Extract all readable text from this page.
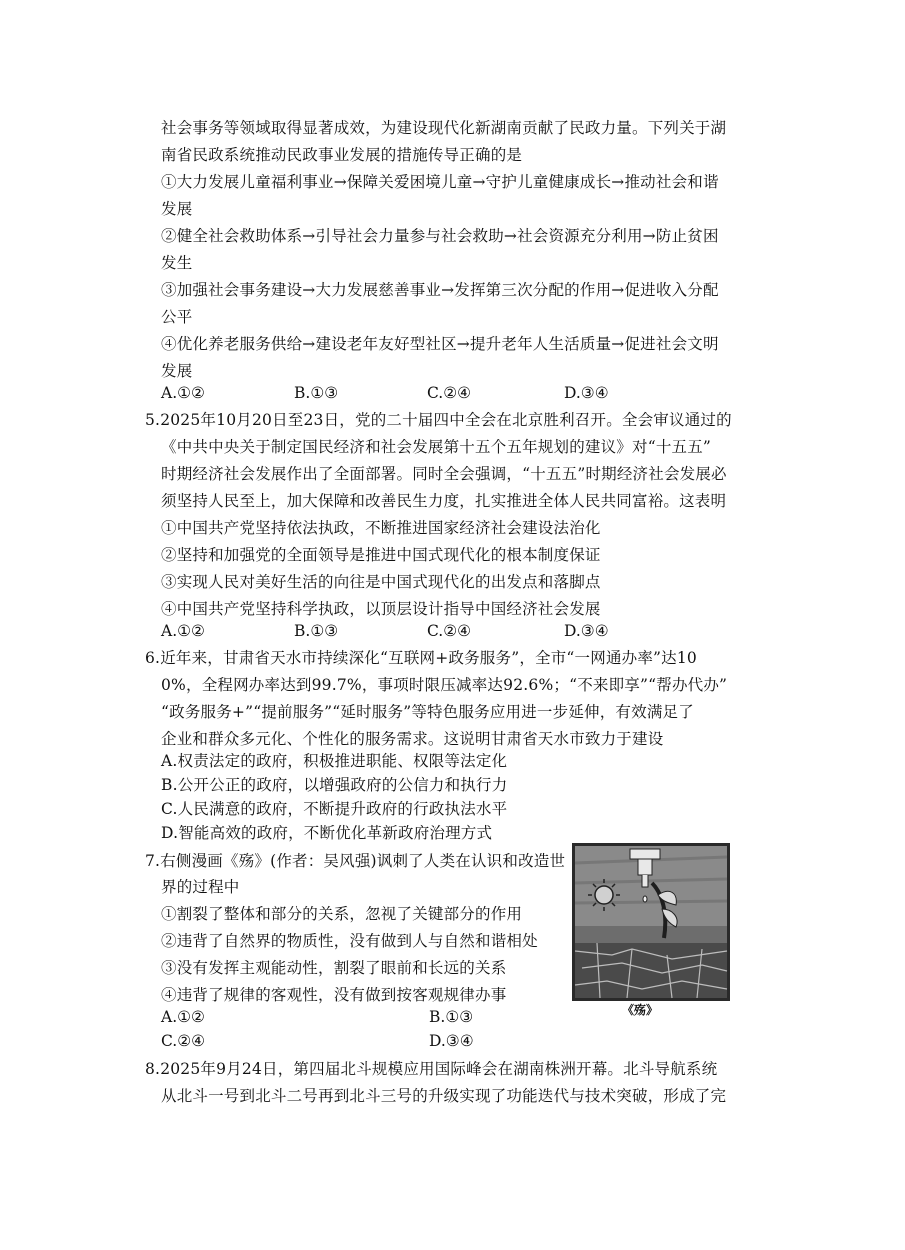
社会事务等领域取得显著成效，为建设现代化新湖南贡献了民政力量。下列关于湖
南省民政系统推动民政事业发展的措施传导正确的是
①大力发展儿童福利事业→保障关爱困境儿童→守护儿童健康成长→推动社会和谐
发展
②健全社会救助体系→引导社会力量参与社会救助→社会资源充分利用→防止贫困
发生
③加强社会事务建设→大力发展慈善事业→发挥第三次分配的作用→促进收入分配
公平
④优化养老服务供给→建设老年友好型社区→提升老年人生活质量→促进社会文明
发展
A.①②	B.①③	C.②④	D.③④
5.2025年10月20日至23日，党的二十届四中全会在北京胜利召开。全会审议通过的
《中共中央关于制定国民经济和社会发展第十五个五年规划的建议》对“十五五”
时期经济社会发展作出了全面部署。同时全会强调，“十五五”时期经济社会发展必
须坚持人民至上，加大保障和改善民生力度，扎实推进全体人民共同富裕。这表明
①中国共产党坚持依法执政，不断推进国家经济社会建设法治化
②坚持和加强党的全面领导是推进中国式现代化的根本制度保证
③实现人民对美好生活的向往是中国式现代化的出发点和落脚点
④中国共产党坚持科学执政，以顶层设计指导中国经济社会发展
A.①②	B.①③	C.②④	D.③④
6.近年来，甘肃省天水市持续深化“互联网+政务服务”，全市“一网通办率”达10
0%，全程网办率达到99.7%，事项时限压减率达92.6%；“不来即享”“帮办代办”
“政务服务+”“提前服务”“延时服务”等特色服务应用进一步延伸，有效满足了
企业和群众多元化、个性化的服务需求。这说明甘肃省天水市致力于建设
A.权责法定的政府，积极推进职能、权限等法定化
B.公开公正的政府，以增强政府的公信力和执行力
C.人民满意的政府，不断提升政府的行政执法水平
D.智能高效的政府，不断优化革新政府治理方式
7.右侧漫画《殇》(作者：吴风强)讽刺了人类在认识和改造世
界的过程中
①割裂了整体和部分的关系，忽视了关键部分的作用
②违背了自然界的物质性，没有做到人与自然和谐相处
③没有发挥主观能动性，割裂了眼前和长远的关系
④违背了规律的客观性，没有做到按客观规律办事
A.①②	B.①③
C.②④	D.③④
《殇》
8.2025年9月24日，第四届北斗规模应用国际峰会在湖南株洲开幕。北斗导航系统
从北斗一号到北斗二号再到北斗三号的升级实现了功能迭代与技术突破，形成了完
